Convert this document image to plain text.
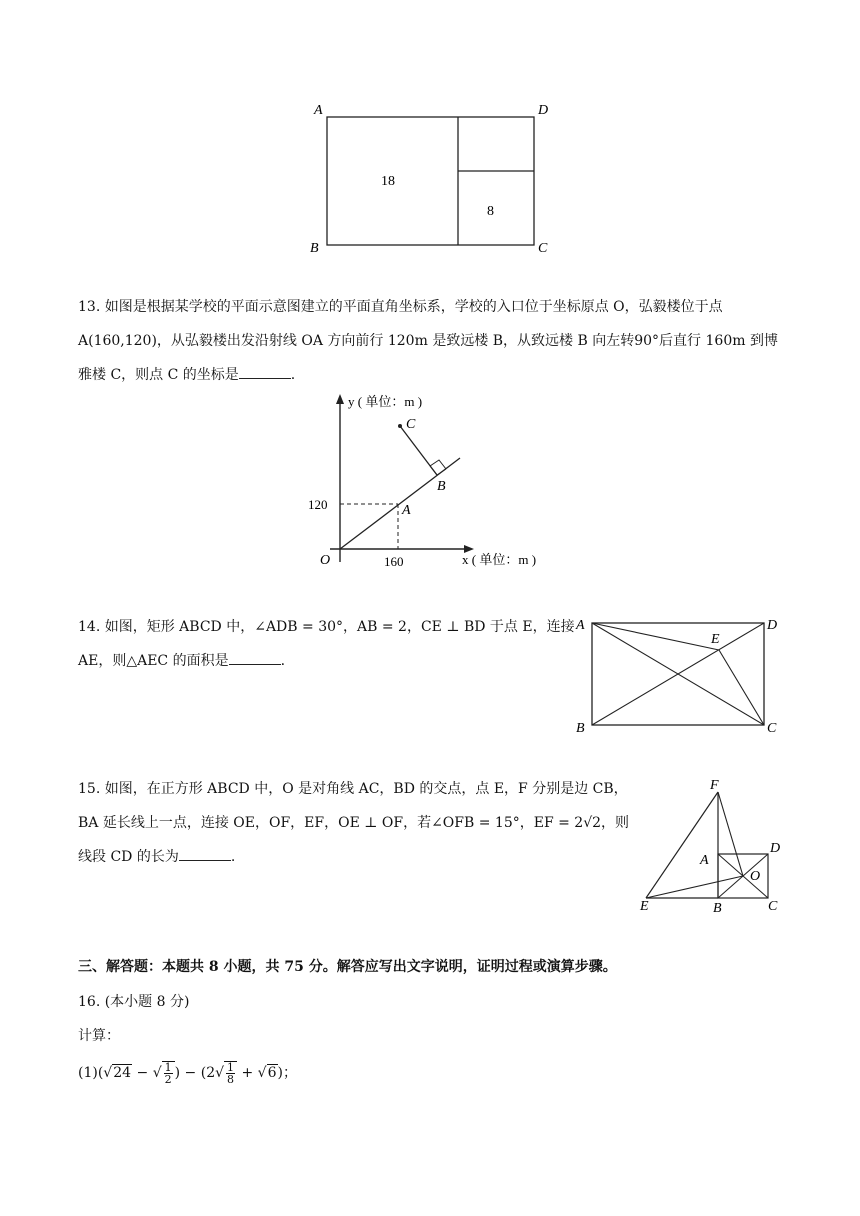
A	D
B	C
18
8
13. 如图是根据某学校的平面示意图建立的平面直角坐标系，学校的入口位于坐标原点 O，弘毅楼位于点
A(160,120)，从弘毅楼出发沿射线 OA 方向前行 120m 是致远楼 B，从致远楼 B 向左转90°后直行 160m 到博
雅楼 C，则点 C 的坐标是	.
y ( 单位：m )
x ( 单位：m )
O
120
160
A
B
C
14. 如图，矩形 ABCD 中，∠ADB = 30°，AB = 2，CE ⊥ BD 于点 E，连接
AE，则△AEC 的面积是	.
A	D
B	C
E
15. 如图，在正方形 ABCD 中，O 是对角线 AC，BD 的交点，点 E，F 分别是边 CB，
BA 延长线上一点，连接 OE，OF，EF，OE ⊥ OF，若∠OFB = 15°，EF = 2√2，则
线段 CD 的长为	.
F
A
D
O
E	B	C
三、解答题：本题共 8 小题，共 75 分。解答应写出文字说明，证明过程或演算步骤。
16. (本小题 8 分)
计算：
(1)(√24 − √ $\frac{1}{2}$ ) − $(2√ \frac{1}{8} + √6)$；
